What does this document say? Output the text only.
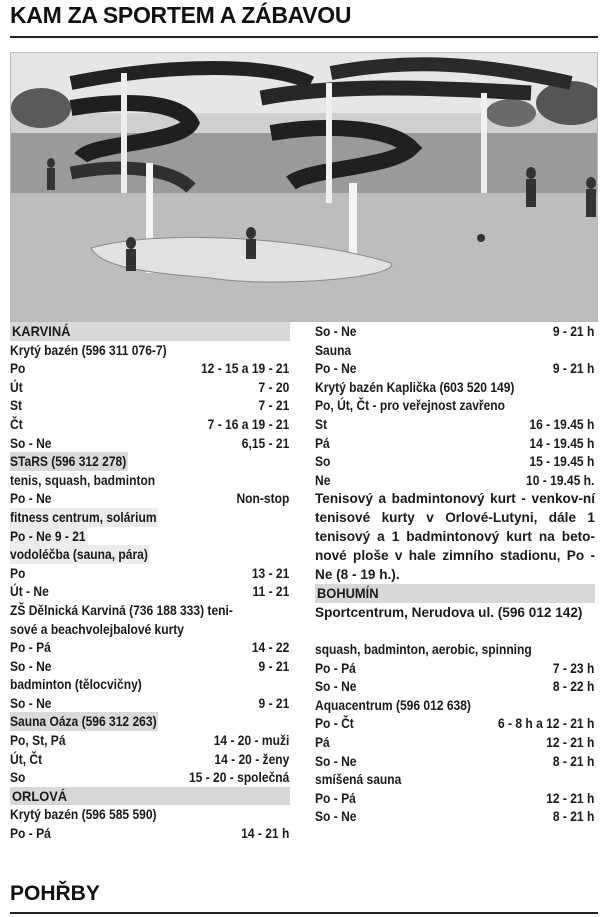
KAM ZA SPORTEM A ZÁBAVOU
KARVINÁ
Krytý bazén (596 311 076-7)
Po	12 - 15 a 19 - 21
Út	7 - 20
St	7 - 21
Čt	7 - 16 a 19 - 21
So - Ne	6,15 - 21
STaRS (596 312 278)
tenis, squash, badminton
Po - Ne	Non-stop
fitness centrum, solárium
Po - Ne 9 - 21
vodoléčba (sauna, pára)
Po	13 - 21
Út - Ne	11 - 21
ZŠ Dělnická Karviná (736 188 333) teni-
sové a beachvolejbalové kurty
Po - Pá	14 - 22
So - Ne	9 - 21
badminton (tělocvičny)
So - Ne	9 - 21
Sauna Oáza (596 312 263)
Po, St, Pá	14 - 20 - muži
Út, Čt	14 - 20 - ženy
So	15 - 20 - společná
ORLOVÁ
Krytý bazén (596 585 590)
Po - Pá	14 - 21 h
So - Ne	9 - 21 h
Sauna
Po - Ne	9 - 21 h
Krytý bazén Kaplička (603 520 149)
Po, Út, Čt - pro veřejnost zavřeno
St	16 - 19.45 h
Pá	14 - 19.45 h
So	15 - 19.45 h
Ne	10 - 19.45 h.
Tenisový a badmintonový kurt - venkov-ní tenisové kurty v Orlové-Lutyni, dále 1 tenisový a 1 badmintonový kurt na beto-nové ploše v hale zimního stadionu, Po - Ne (8 - 19 h.).
BOHUMÍN
Sportcentrum, Nerudova ul. (596 012 142)
squash, badminton, aerobic, spinning
Po - Pá	7 - 23 h
So - Ne	8 - 22 h
Aquacentrum (596 012 638)
Po - Čt	6 - 8 h a 12 - 21 h
Pá	12 - 21 h
So - Ne	8 - 21 h
smíšená sauna
Po - Pá	12 - 21 h
So - Ne	8 - 21 h
POHŘBY
